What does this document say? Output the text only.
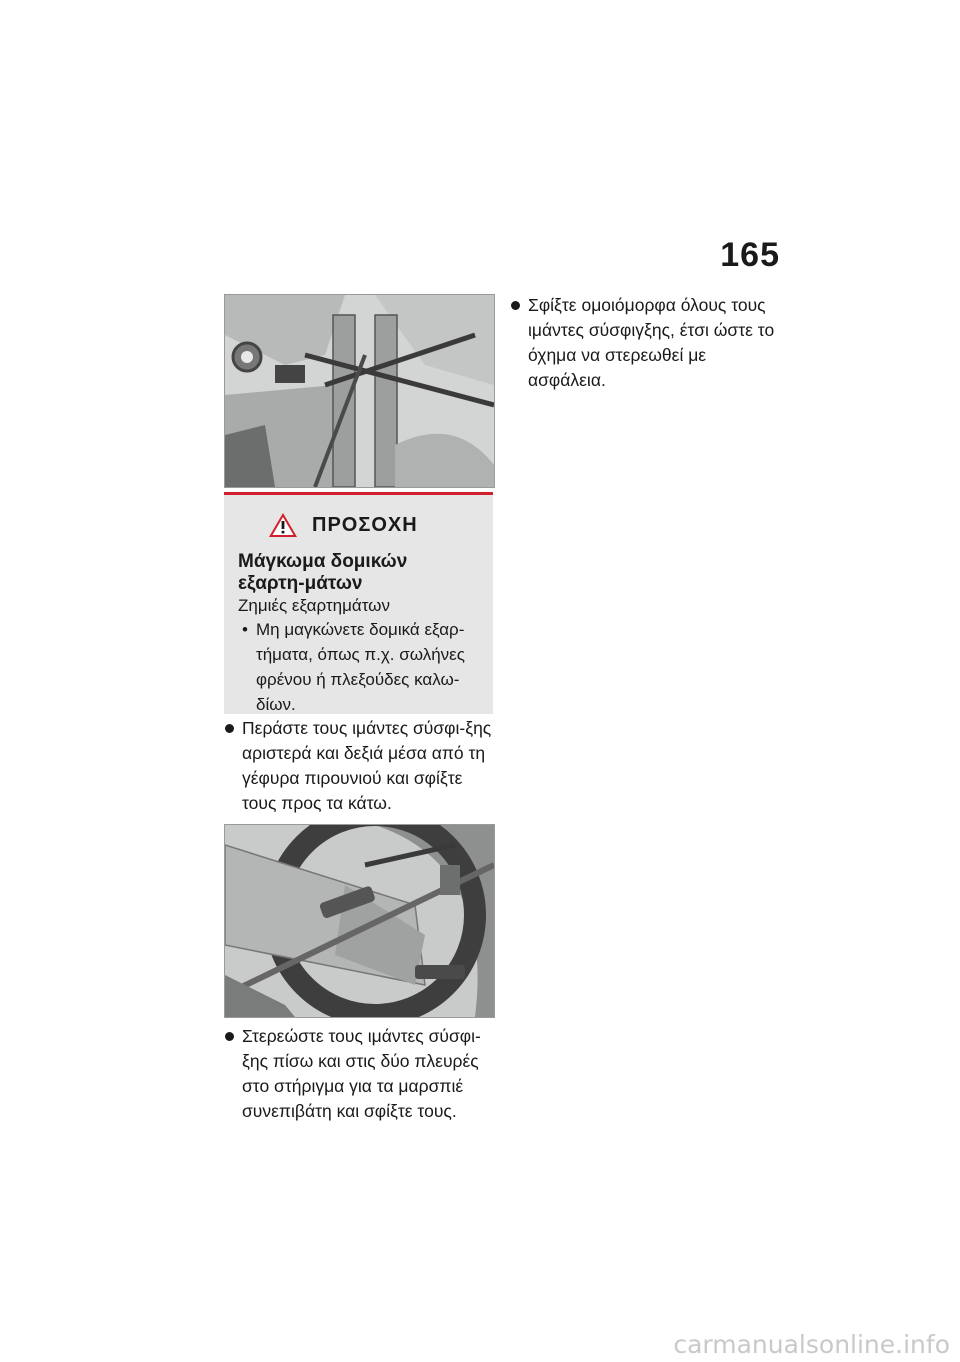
165
ΠΡΟΣΟΧΗ
Μάγκωμα δομικών εξαρτη-μάτων
Ζημιές εξαρτημάτων
• Μη μαγκώνετε δομικά εξαρ-τήματα, όπως π.χ. σωλήνες φρένου ή πλεξούδες καλω-δίων.
Περάστε τους ιμάντες σύσφι-ξης αριστερά και δεξιά μέσα από τη γέφυρα πιρουνιού και σφίξτε τους προς τα κάτω.
Στερεώστε τους ιμάντες σύσφι-ξης πίσω και στις δύο πλευρές στο στήριγμα για τα μαρσπιέ συνεπιβάτη και σφίξτε τους.
Σφίξτε ομοιόμορφα όλους τους ιμάντες σύσφιγξης, έτσι ώστε το όχημα να στερεωθεί με ασφάλεια.
carmanualsonline.info
